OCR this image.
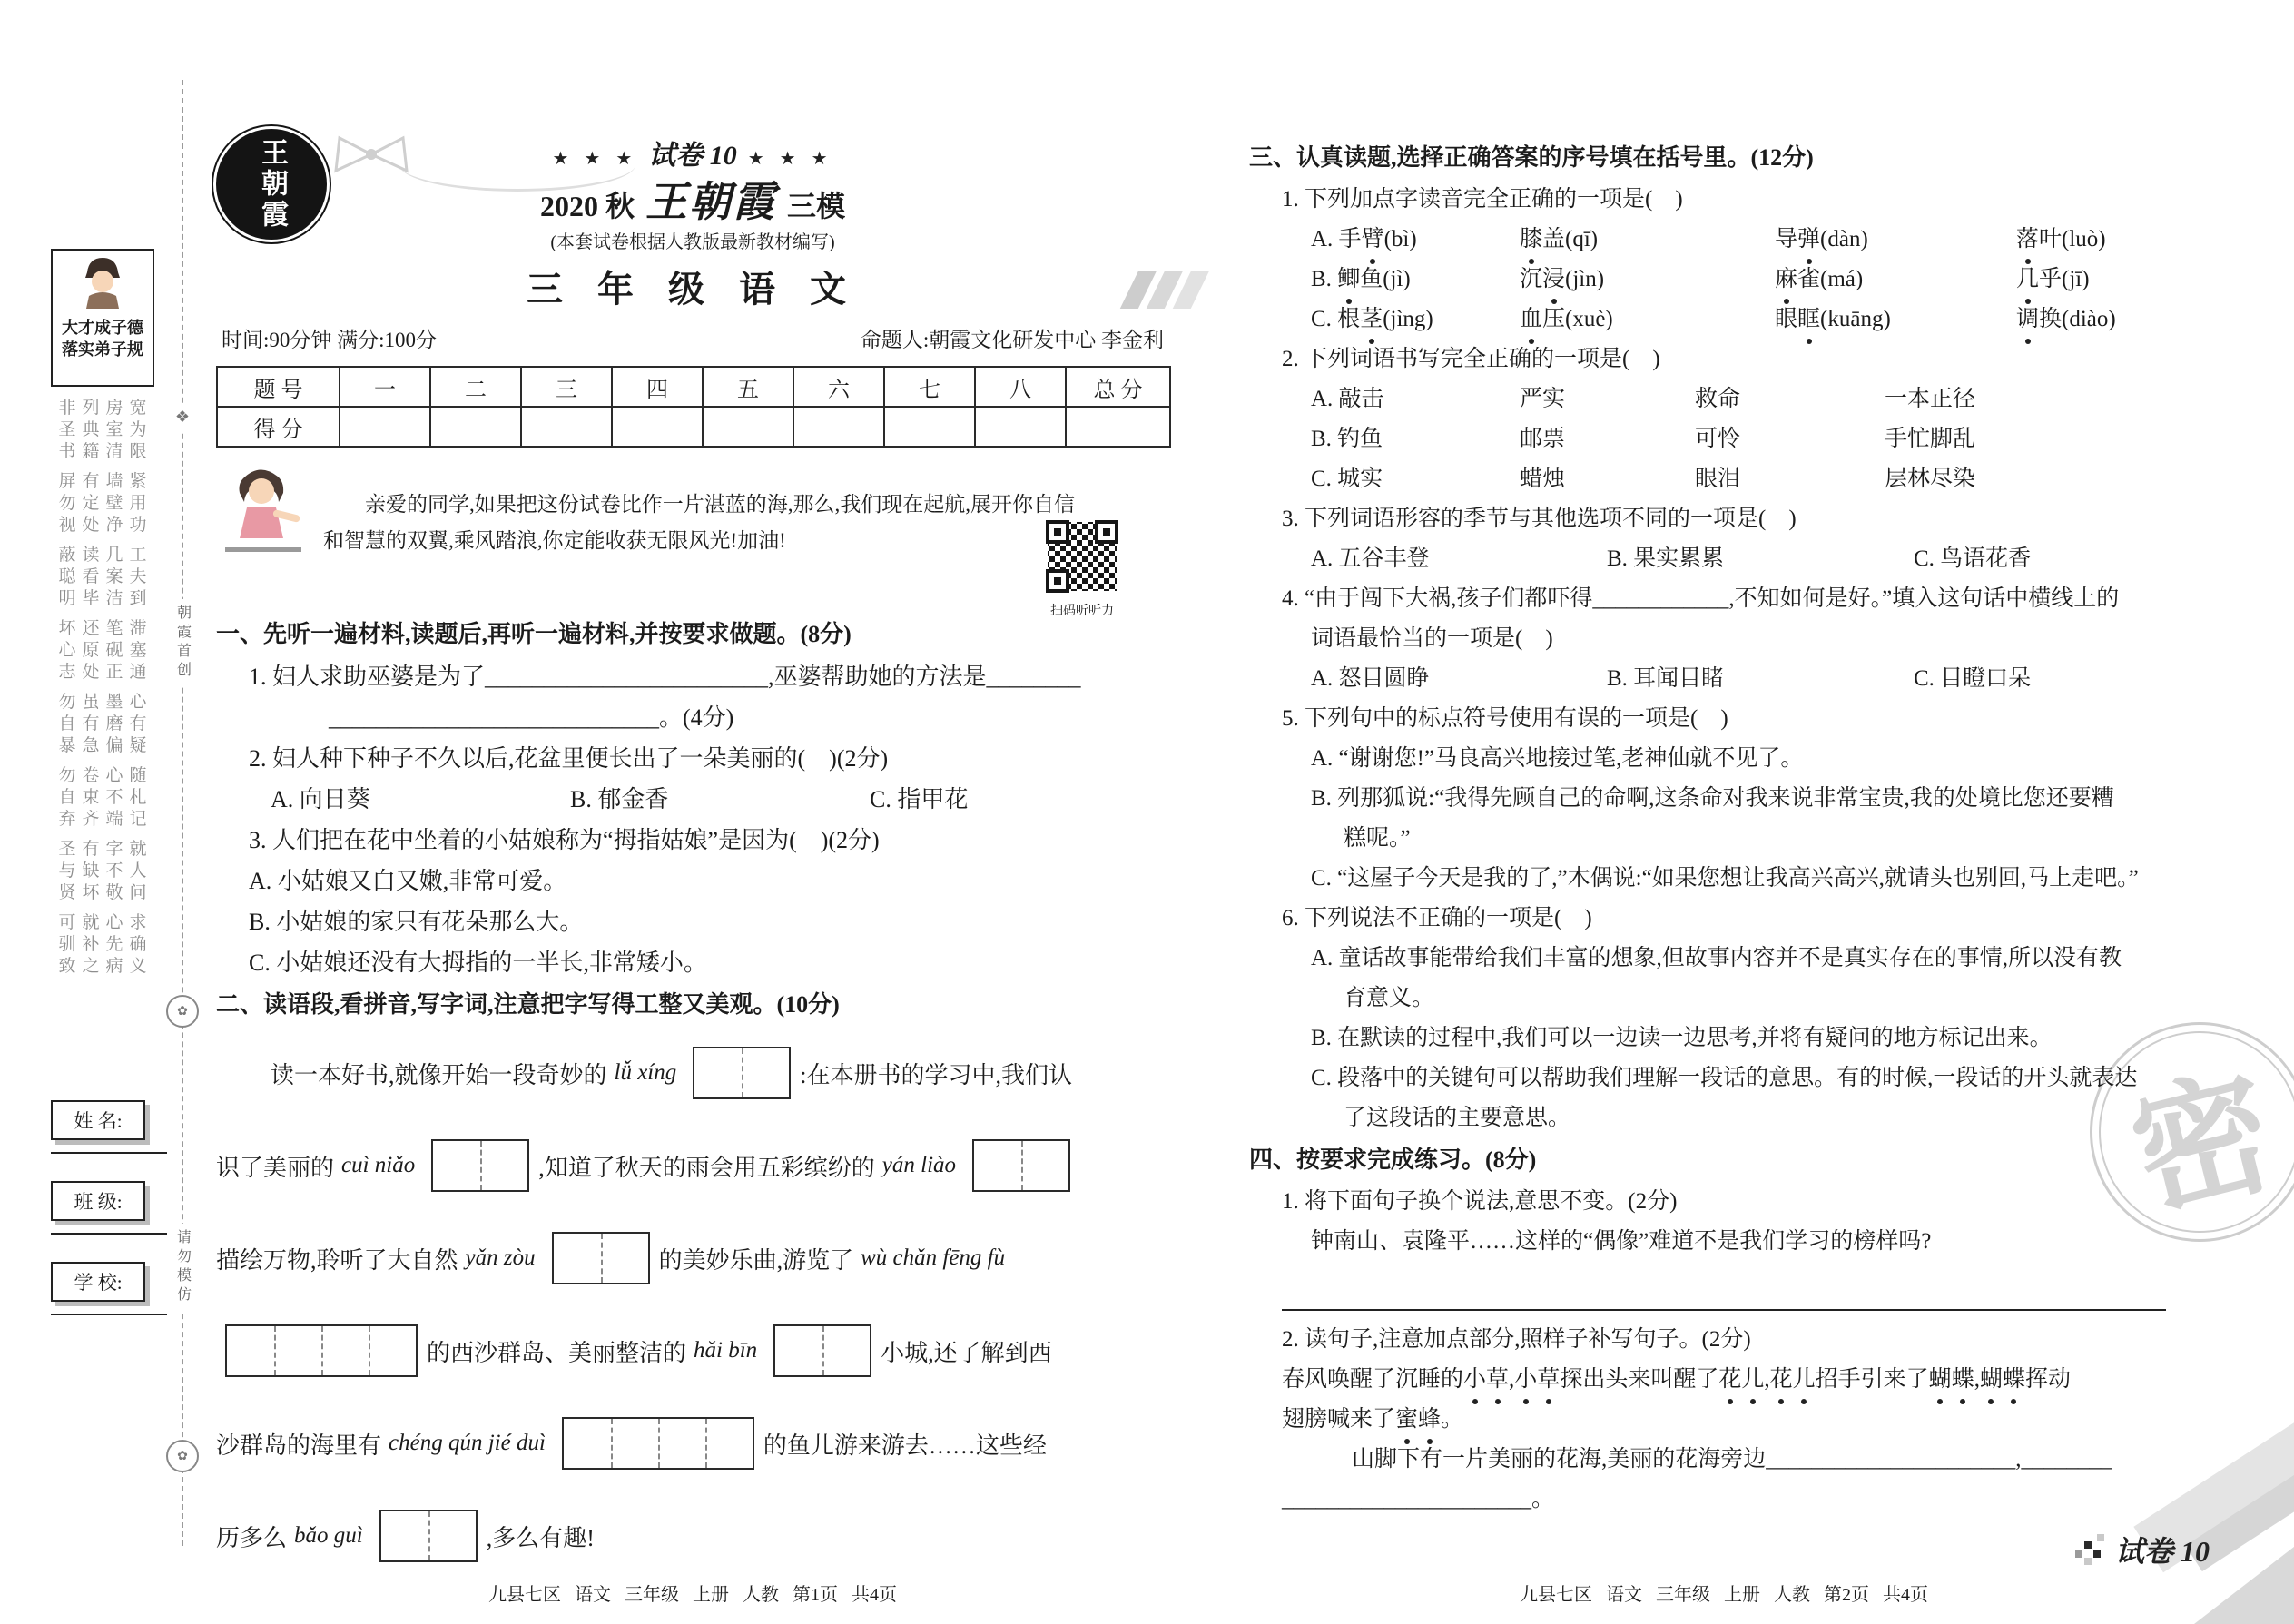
❖
朝霞首创
✿
请勿模仿
✿
密
大才成子德
落实弟子规
非列房宽
圣典室为
书籍清限
屏有墙紧
勿定壁用
视处净功
蔽读几工
聪看案夫
明毕洁到
坏还笔滞
心原砚塞
志处正通
勿虽墨心
自有磨有
暴急偏疑
勿卷心随
自束不札
弃齐端记
圣有字就
与缺不人
贤坏敬问
可就心求
驯补先确
致之病义
姓 名:
班 级:
学 校:
王朝霞	★ ★ ★ 试卷 10 ★ ★ ★
2020 秋 王朝霞 三模
(本套试卷根据人教版最新教材编写)
三 年 级 语 文
时间:90分钟 满分:100分	命题人:朝霞文化研发中心 李金利
题 号	一	二	三	四	五	六	七	八	总 分
得 分									

亲爱的同学,如果把这份试卷比作一片湛蓝的海,那么,我们现在起航,展开你自信和智慧的双翼,乘风踏浪,你定能收获无限风光!加油!

扫码听听力
一、先听一遍材料,读题后,再听一遍材料,并按要求做题。(8分)
1. 妇人求助巫婆是为了________________________,巫婆帮助她的方法是________
____________________________。(4分)
2. 妇人种下种子不久以后,花盆里便长出了一朵美丽的(    )(2分)
A. 向日葵	B. 郁金香	C. 指甲花
3. 人们把在花中坐着的小姑娘称为“拇指姑娘”是因为(    )(2分)
A. 小姑娘又白又嫩,非常可爱。
B. 小姑娘的家只有花朵那么大。
C. 小姑娘还没有大拇指的一半长,非常矮小。
二、读语段,看拼音,写字词,注意把字写得工整又美观。(10分)
读一本好书,就像开始一段奇妙的 lǚ xíng	:在本册书的学习中,我们认
识了美丽的 cuì niǎo	,知道了秋天的雨会用五彩缤纷的 yán liào
描绘万物,聆听了大自然 yǎn zòu	的美妙乐曲,游览了 wù chǎn fēng fù
的西沙群岛、美丽整洁的 hǎi bīn	小城,还了解到西
沙群岛的海里有 chéng qún jié duì	的鱼儿游来游去……这些经
历多么 bǎo guì	,多么有趣!
三、认真读题,选择正确答案的序号填在括号里。(12分)
1. 下列加点字读音完全正确的一项是(    )
A. 手臂(bì)	膝盖(qī)	导弹(dàn)	落叶(luò)
B. 鲫鱼(jì)	沉浸(jìn)	麻雀(má)	几乎(jī)
C. 根茎(jìng)	血压(xuè)	眼眶(kuāng)	调换(diào)
2. 下列词语书写完全正确的一项是(    )
A. 敲击	严实	救命	一本正径
B. 钓鱼	邮票	可怜	手忙脚乱
C. 城实	蜡烛	眼泪	层林尽染
3. 下列词语形容的季节与其他选项不同的一项是(    )
A. 五谷丰登	B. 果实累累	C. 鸟语花香
4. “由于闯下大祸,孩子们都吓得____________,不知如何是好。”填入这句话中横线上的
词语最恰当的一项是(    )
A. 怒目圆睁	B. 耳闻目睹	C. 目瞪口呆
5. 下列句中的标点符号使用有误的一项是(    )
A. “谢谢您!”马良高兴地接过笔,老神仙就不见了。
B. 列那狐说:“我得先顾自己的命啊,这条命对我来说非常宝贵,我的处境比您还要糟
糕呢。”
C. “这屋子今天是我的了,”木偶说:“如果您想让我高兴高兴,就请头也别回,马上走吧。”
6. 下列说法不正确的一项是(    )
A. 童话故事能带给我们丰富的想象,但故事内容并不是真实存在的事情,所以没有教
育意义。
B. 在默读的过程中,我们可以一边读一边思考,并将有疑问的地方标记出来。
C. 段落中的关键句可以帮助我们理解一段话的意思。有的时候,一段话的开头就表达
了这段话的主要意思。
四、按要求完成练习。(8分)
1. 将下面句子换个说法,意思不变。(2分)
钟南山、袁隆平……这样的“偶像”难道不是我们学习的榜样吗?
2. 读句子,注意加点部分,照样子补写句子。(2分)
春风唤醒了沉睡的小草,小草探出头来叫醒了花儿,花儿招手引来了蝴蝶,蝴蝶挥动
翅膀喊来了蜜蜂。
山脚下有一片美丽的花海,美丽的花海旁边______________________,________
______________________。
九县七区   语文   三年级   上册   人教   第1页   共4页	九县七区   语文   三年级   上册   人教   第2页   共4页
试卷 10
